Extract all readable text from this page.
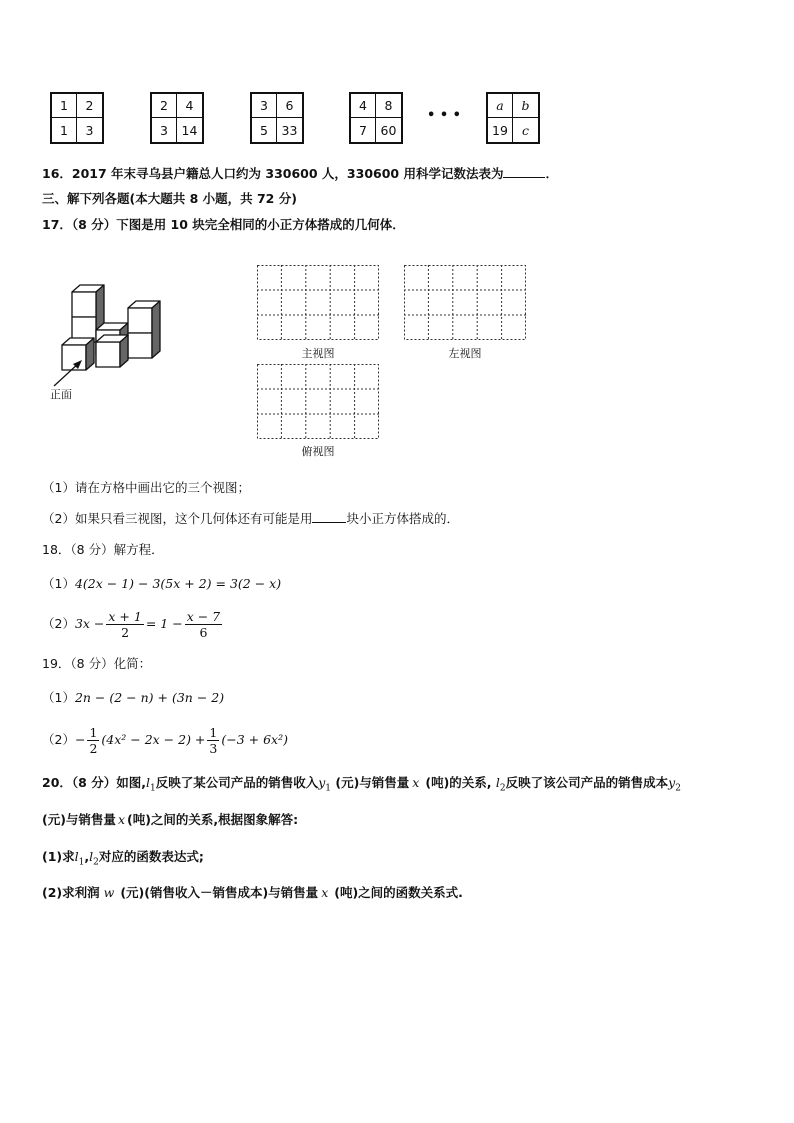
1	2
1	3
2	4
3	14
3	6
5	33
4	8
7	60
• • •
a	b
19	c
16．2017 年末寻乌县户籍总人口约为 330600 人，330600 用科学记数法表为	．
三、解下列各题(本大题共 8 小题，共 72 分)
17．（8 分）下图是用 10 块完全相同的小正方体搭成的几何体．
正面
主视图	左视图
俯视图
（1）请在方格中画出它的三个视图；
（2）如果只看三视图，这个几何体还有可能是用	块小正方体搭成的．
18．（8 分）解方程．
（1）4(2x − 1) − 3(5x + 2) = 3(2 − x)
$(2)3x - \frac{x + 1}{2} = 1 - \frac{x - 7}{6}$
19．（8 分）化简：
（1）2n − (2 − n) + (3n − 2)
$(2)- \frac{1}{2} (4x^2 - 2x - 2) + \frac{1}{3} (-3 + 6x^2)$
20．（8 分）如图$,l_1$反映了某公司产品的销售收入$y_1$ (元)与销售量 x (吨)的关系, $l_2$反映了该公司产品的销售成本$y_2$
(元)与销售量 x (吨)之间的关系,根据图象解答:
(1)求$l_1,l_2$对应的函数表达式;
(2)求利润 w (元)(销售收入－销售成本)与销售量 x (吨)之间的函数关系式.
